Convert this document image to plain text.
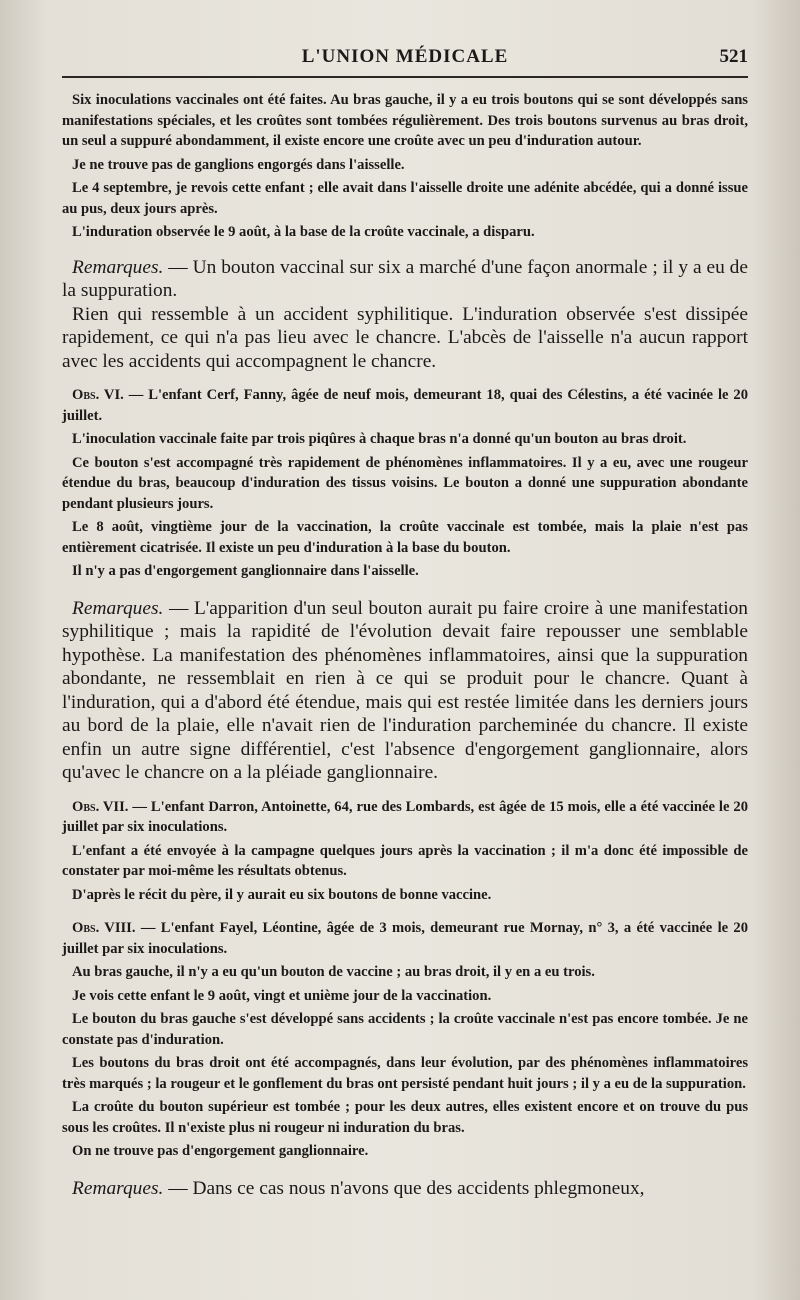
L'UNION MÉDICALE	521

Six inoculations vaccinales ont été faites. Au bras gauche, il y a eu trois boutons qui se sont développés sans manifestations spéciales, et les croûtes sont tombées régulièrement. Des trois boutons survenus au bras droit, un seul a suppuré abondamment, il existe encore une croûte avec un peu d'induration autour.

Je ne trouve pas de ganglions engorgés dans l'aisselle.

Le 4 septembre, je revois cette enfant ; elle avait dans l'aisselle droite une adénite abcédée, qui a donné issue au pus, deux jours après.

L'induration observée le 9 août, à la base de la croûte vaccinale, a disparu.

Remarques. — Un bouton vaccinal sur six a marché d'une façon anormale ; il y a eu de la suppuration.

Rien qui ressemble à un accident syphilitique. L'induration observée s'est dissipée rapidement, ce qui n'a pas lieu avec le chancre. L'abcès de l'aisselle n'a aucun rapport avec les accidents qui accompagnent le chancre.

Obs. VI. — L'enfant Cerf, Fanny, âgée de neuf mois, demeurant 18, quai des Célestins, a été vacinée le 20 juillet.

L'inoculation vaccinale faite par trois piqûres à chaque bras n'a donné qu'un bouton au bras droit.

Ce bouton s'est accompagné très rapidement de phénomènes inflammatoires. Il y a eu, avec une rougeur étendue du bras, beaucoup d'induration des tissus voisins. Le bouton a donné une suppuration abondante pendant plusieurs jours.

Le 8 août, vingtième jour de la vaccination, la croûte vaccinale est tombée, mais la plaie n'est pas entièrement cicatrisée. Il existe un peu d'induration à la base du bouton.

Il n'y a pas d'engorgement ganglionnaire dans l'aisselle.

Remarques. — L'apparition d'un seul bouton aurait pu faire croire à une manifestation syphilitique ; mais la rapidité de l'évolution devait faire repousser une semblable hypothèse. La manifestation des phénomènes inflammatoires, ainsi que la suppuration abondante, ne ressemblait en rien à ce qui se produit pour le chancre. Quant à l'induration, qui a d'abord été étendue, mais qui est restée limitée dans les derniers jours au bord de la plaie, elle n'avait rien de l'induration parcheminée du chancre. Il existe enfin un autre signe différentiel, c'est l'absence d'engorgement ganglionnaire, alors qu'avec le chancre on a la pléiade ganglionnaire.

Obs. VII. — L'enfant Darron, Antoinette, 64, rue des Lombards, est âgée de 15 mois, elle a été vaccinée le 20 juillet par six inoculations.

L'enfant a été envoyée à la campagne quelques jours après la vaccination ; il m'a donc été impossible de constater par moi-même les résultats obtenus.

D'après le récit du père, il y aurait eu six boutons de bonne vaccine.

Obs. VIII. — L'enfant Fayel, Léontine, âgée de 3 mois, demeurant rue Mornay, n° 3, a été vaccinée le 20 juillet par six inoculations.

Au bras gauche, il n'y a eu qu'un bouton de vaccine ; au bras droit, il y en a eu trois.

Je vois cette enfant le 9 août, vingt et unième jour de la vaccination.

Le bouton du bras gauche s'est développé sans accidents ; la croûte vaccinale n'est pas encore tombée. Je ne constate pas d'induration.

Les boutons du bras droit ont été accompagnés, dans leur évolution, par des phénomènes inflammatoires très marqués ; la rougeur et le gonflement du bras ont persisté pendant huit jours ; il y a eu de la suppuration.

La croûte du bouton supérieur est tombée ; pour les deux autres, elles existent encore et on trouve du pus sous les croûtes. Il n'existe plus ni rougeur ni induration du bras.

On ne trouve pas d'engorgement ganglionnaire.

Remarques. — Dans ce cas nous n'avons que des accidents phlegmoneux,
